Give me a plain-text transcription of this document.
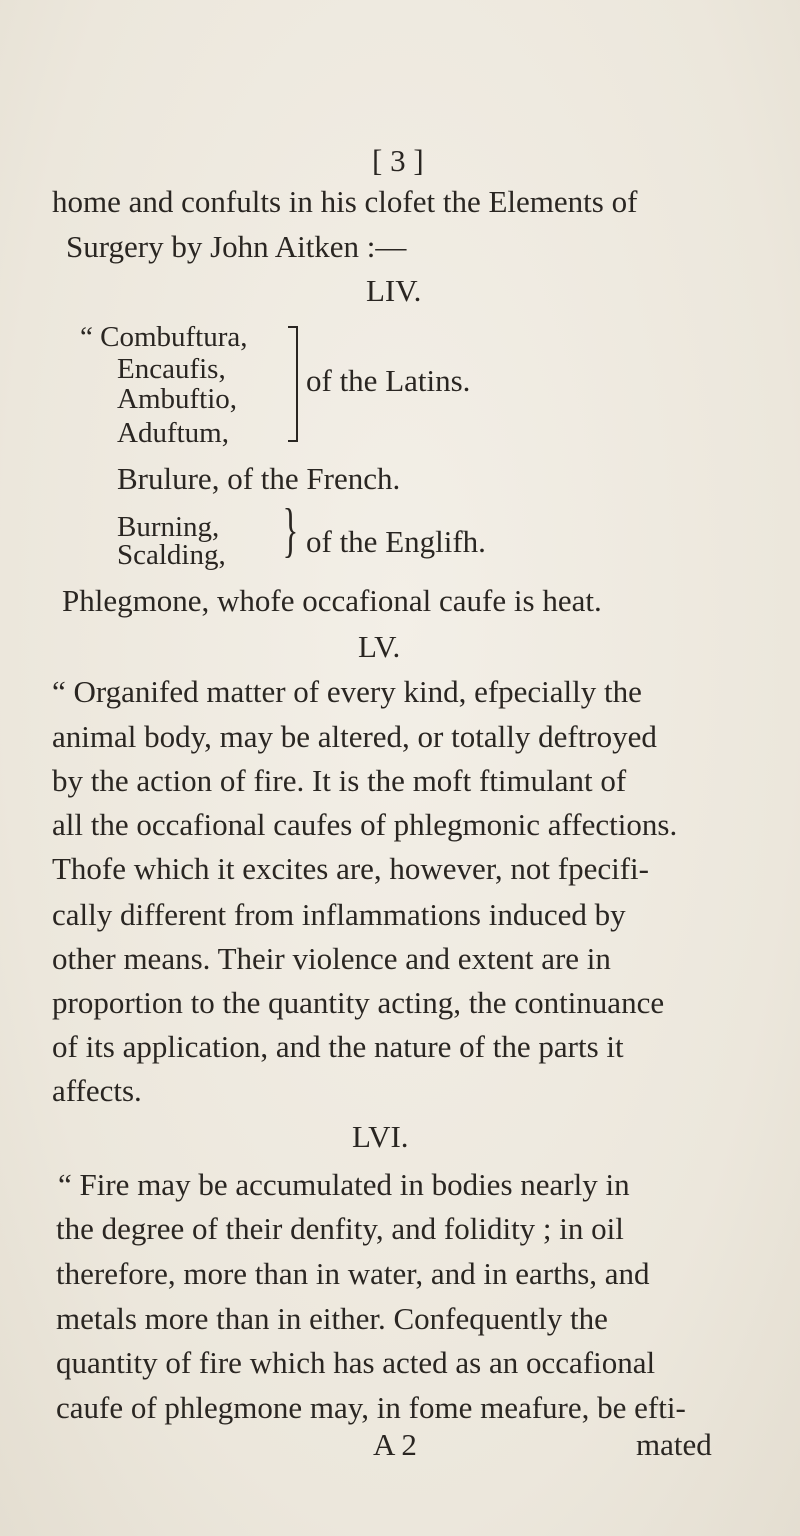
[ 3 ]
home and confults in his clofet the Elements of
Surgery by John Aitken :—
LIV.
“ Combuftura,
Encaufis,
Ambuftio,
Aduftum,
of the Latins.
Brulure, of the French.
Burning,
Scalding, } of the Englifh.
Phlegmone, whofe occafional caufe is heat.
LV.
“ Organifed matter of every kind, efpecially the
animal body, may be altered, or totally deftroyed
by the action of fire. It is the moft ftimulant of
all the occafional caufes of phlegmonic affections.
Thofe which it excites are, however, not fpecifi-
cally different from inflammations induced by
other means. Their violence and extent are in
proportion to the quantity acting, the continuance
of its application, and the nature of the parts it
affects.
LVI.
“ Fire may be accumulated in bodies nearly in
the degree of their denfity, and folidity ; in oil
therefore, more than in water, and in earths, and
metals more than in either. Confequently the
quantity of fire which has acted as an occafional
caufe of phlegmone may, in fome meafure, be efti-
A 2	mated
